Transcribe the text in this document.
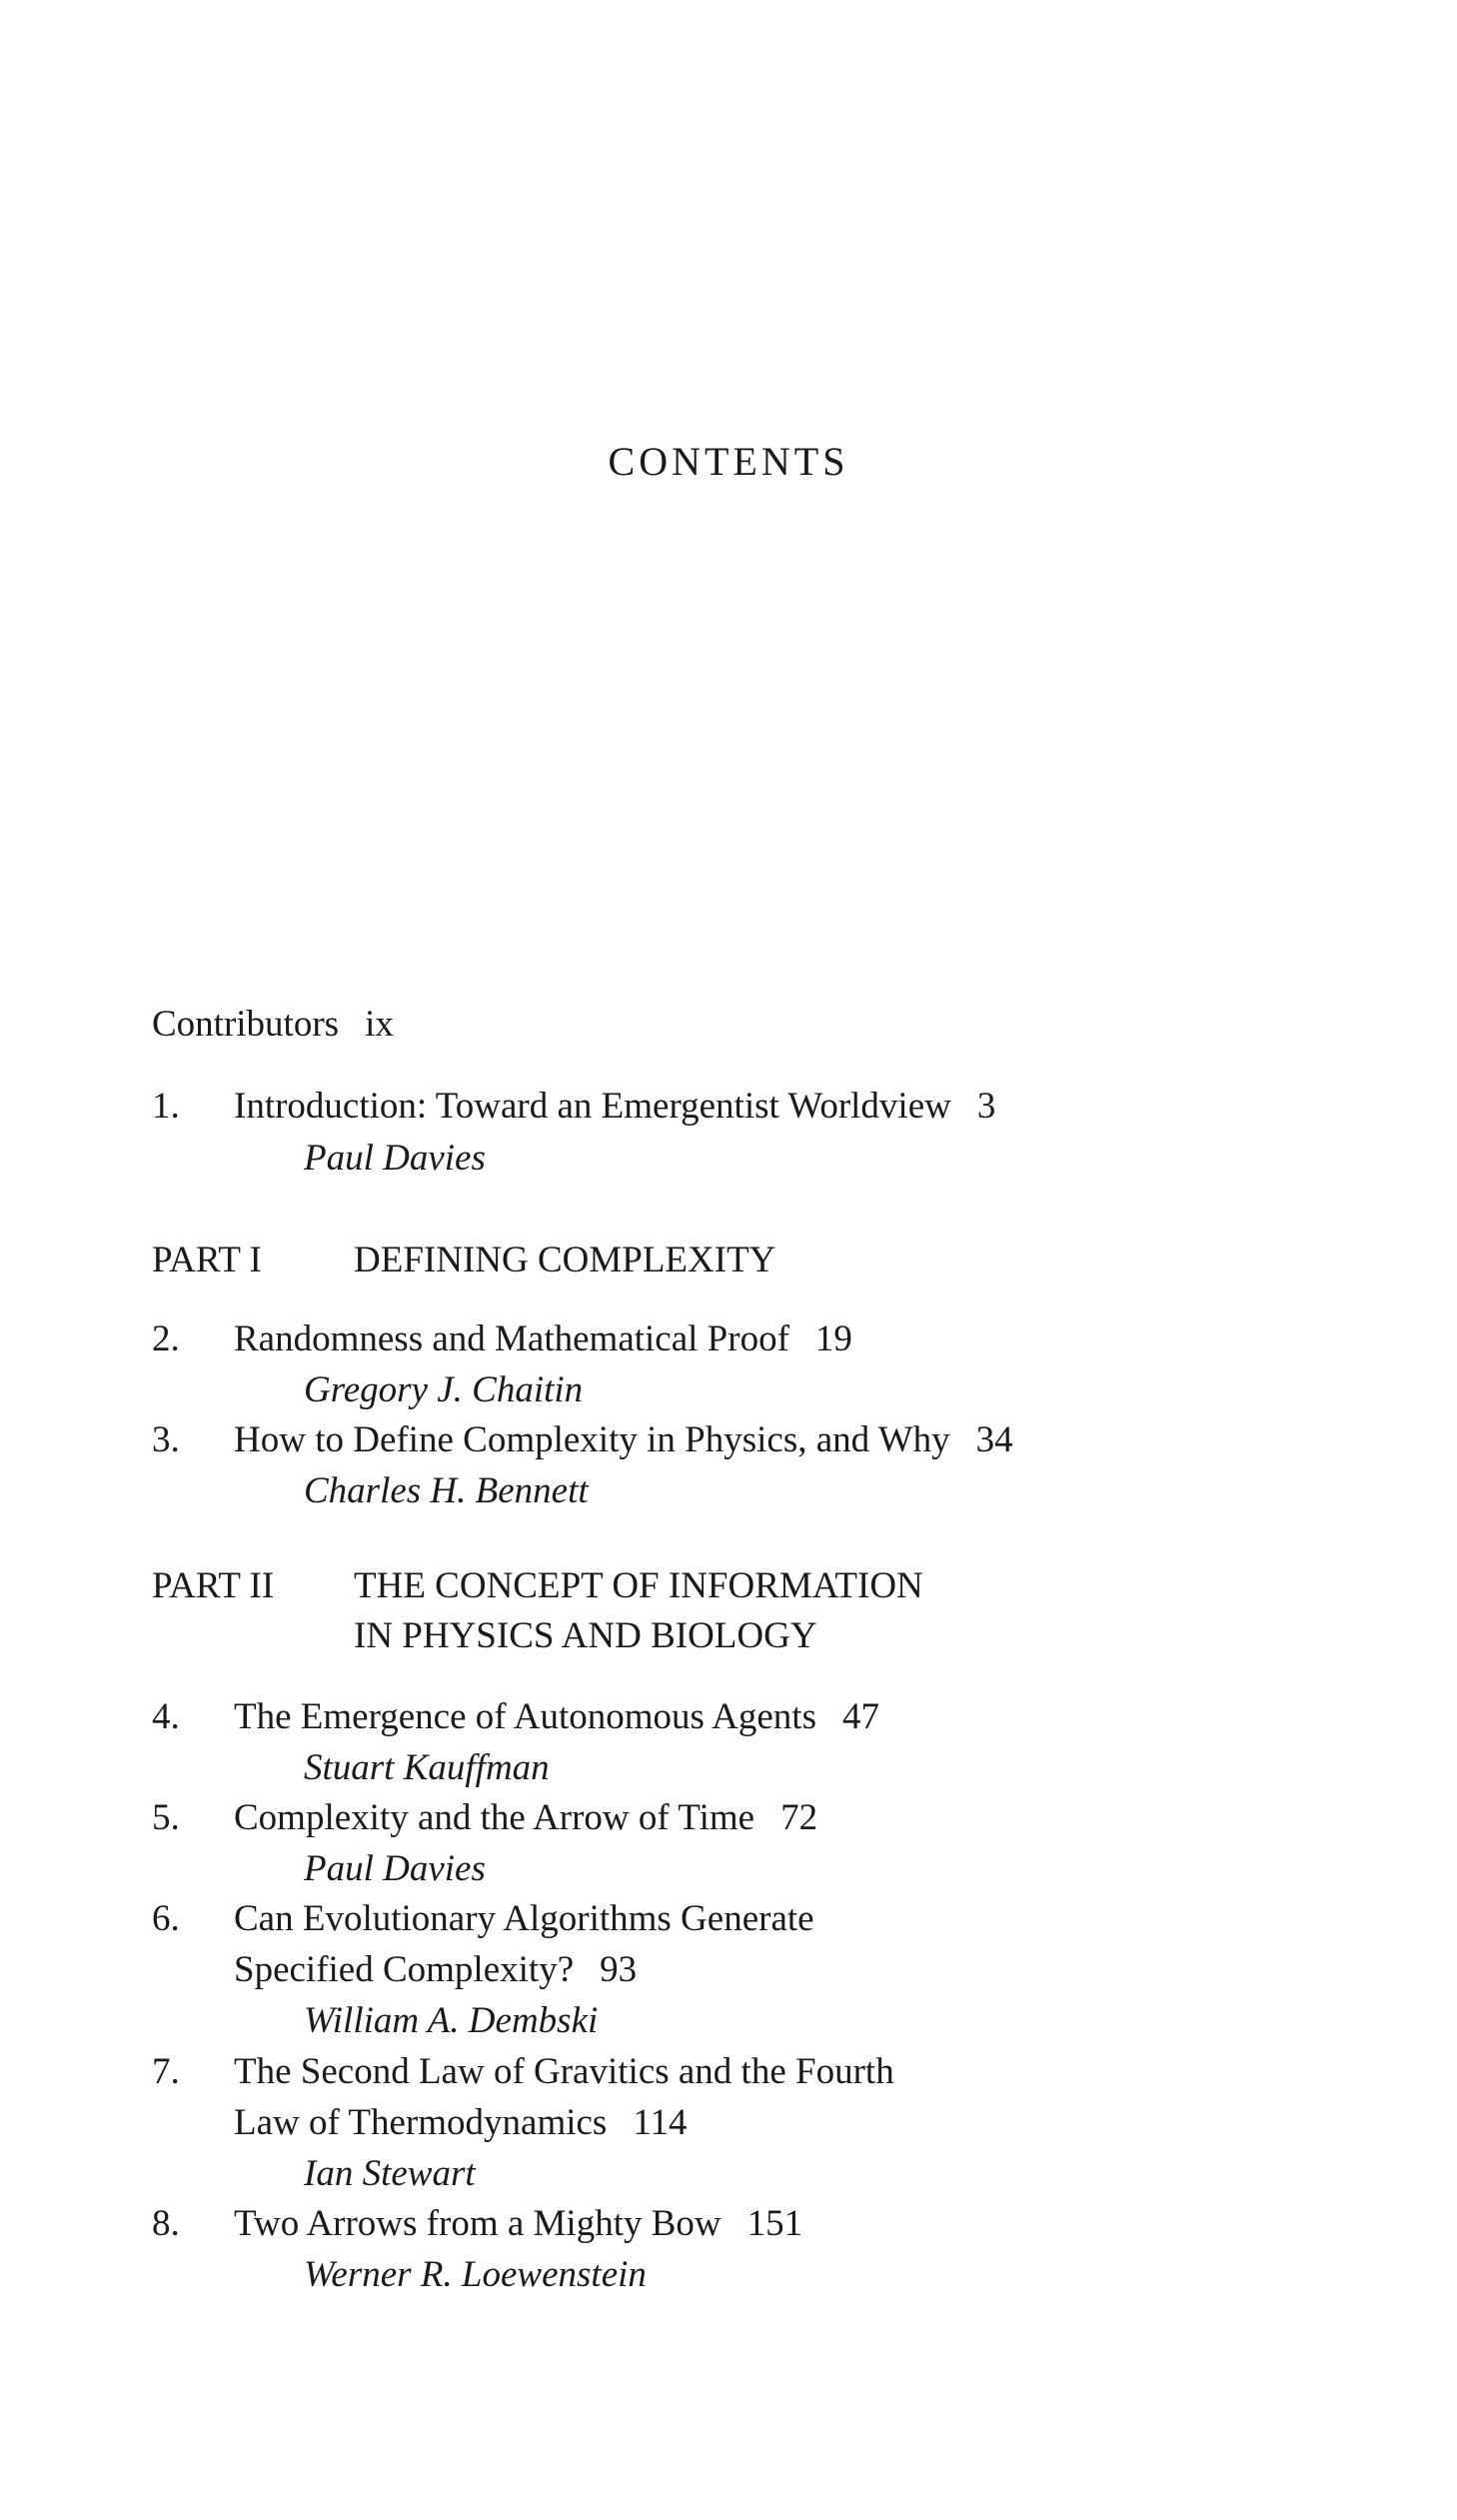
CONTENTS
Contributors ix
1. Introduction: Toward an Emergentist Worldview 3
Paul Davies
PART I DEFINING COMPLEXITY
2. Randomness and Mathematical Proof 19
Gregory J. Chaitin
3. How to Define Complexity in Physics, and Why 34
Charles H. Bennett
PART II THE CONCEPT OF INFORMATION
IN PHYSICS AND BIOLOGY
4. The Emergence of Autonomous Agents 47
Stuart Kauffman
5. Complexity and the Arrow of Time 72
Paul Davies
6. Can Evolutionary Algorithms Generate
Specified Complexity? 93
William A. Dembski
7. The Second Law of Gravitics and the Fourth
Law of Thermodynamics 114
Ian Stewart
8. Two Arrows from a Mighty Bow 151
Werner R. Loewenstein
